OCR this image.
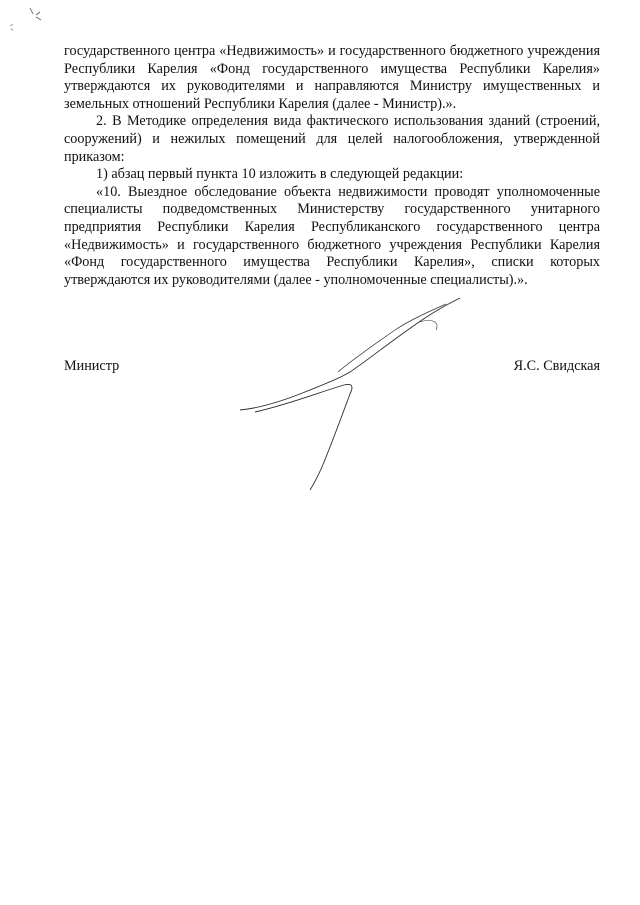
государственного центра «Недвижимость» и государственного бюджетного учреждения Республики Карелия «Фонд государственного имущества Республики Карелия» утверждаются их руководителями и направляются Министру имущественных и земельных отношений Республики Карелия (далее - Министр).».

2. В Методике определения вида фактического использования зданий (строений, сооружений) и нежилых помещений для целей налогообложения, утвержденной приказом:

1) абзац первый пункта 10 изложить в следующей редакции:

«10. Выездное обследование объекта недвижимости проводят уполномоченные специалисты подведомственных Министерству государственного унитарного предприятия Республики Карелия Республиканского государственного центра «Недвижимость» и государственного бюджетного учреждения Республики Карелия «Фонд государственного имущества Республики Карелия», списки которых утверждаются их руководителями (далее - уполномоченные специалисты).».

Министр	Я.С. Свидская
